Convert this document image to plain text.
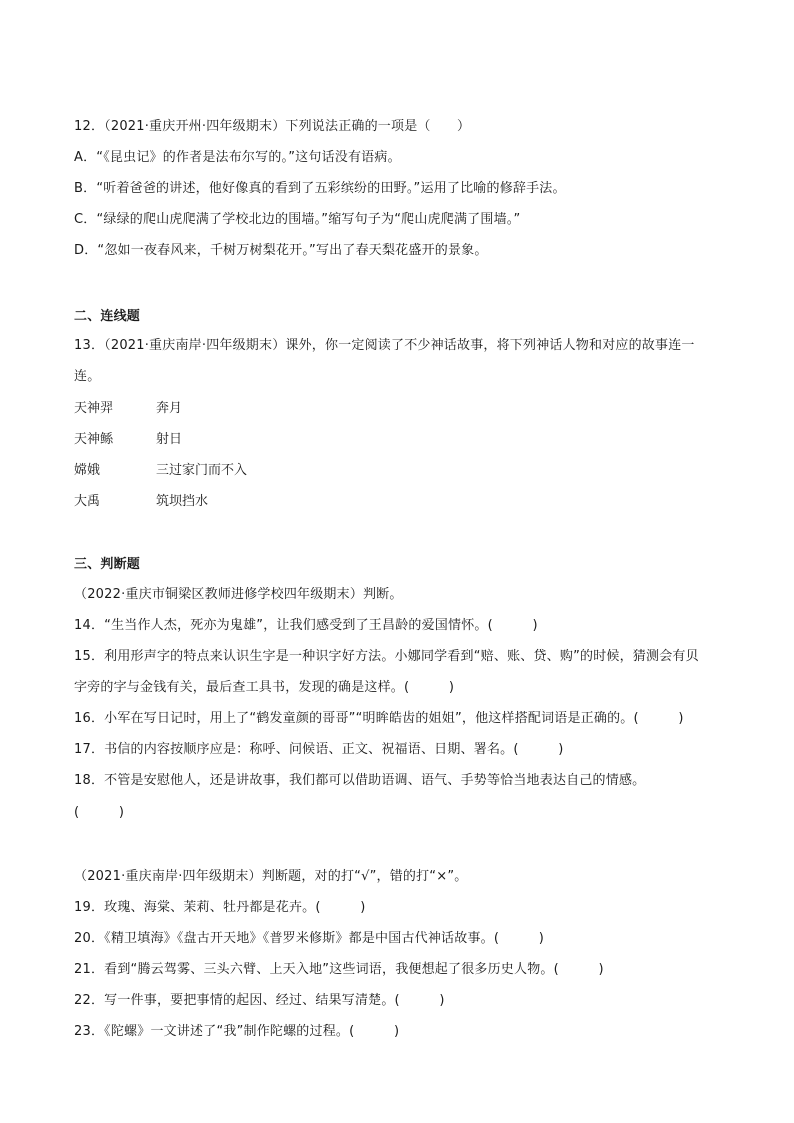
12．（2021·重庆开州·四年级期末）下列说法正确的一项是（　　）
A．“《昆虫记》的作者是法布尔写的。”这句话没有语病。
B．“听着爸爸的讲述，他好像真的看到了五彩缤纷的田野。”运用了比喻的修辞手法。
C．“绿绿的爬山虎爬满了学校北边的围墙。”缩写句子为“爬山虎爬满了围墙。”
D．“忽如一夜春风来，千树万树梨花开。”写出了春天梨花盛开的景象。
二、连线题
13．（2021·重庆南岸·四年级期末）课外，你一定阅读了不少神话故事，将下列神话人物和对应的故事连一
连。
天神羿	奔月
天神鲧	射日
嫦娥	三过家门而不入
大禹	筑坝挡水
三、判断题
（2022·重庆市铜梁区教师进修学校四年级期末）判断。
14．“生当作人杰，死亦为鬼雄”，让我们感受到了王昌龄的爱国情怀。(　　　)
15．利用形声字的特点来认识生字是一种识字好方法。小娜同学看到“赔、账、贷、购”的时候，猜测会有贝
字旁的字与金钱有关，最后查工具书，发现的确是这样。(　　　)
16．小军在写日记时，用上了“鹤发童颜的哥哥”“明眸皓齿的姐姐”，他这样搭配词语是正确的。(　　　)
17．书信的内容按顺序应是：称呼、问候语、正文、祝福语、日期、署名。(　　　)
18．不管是安慰他人，还是讲故事，我们都可以借助语调、语气、手势等恰当地表达自己的情感。
(　　　)
（2021·重庆南岸·四年级期末）判断题，对的打“√”，错的打“×”。
19．玫瑰、海棠、茉莉、牡丹都是花卉。(　　　)
20．《精卫填海》《盘古开天地》《普罗米修斯》都是中国古代神话故事。(　　　)
21．看到“腾云驾雾、三头六臂、上天入地”这些词语，我便想起了很多历史人物。(　　　)
22．写一件事，要把事情的起因、经过、结果写清楚。(　　　)
23．《陀螺》一文讲述了“我”制作陀螺的过程。(　　　)
